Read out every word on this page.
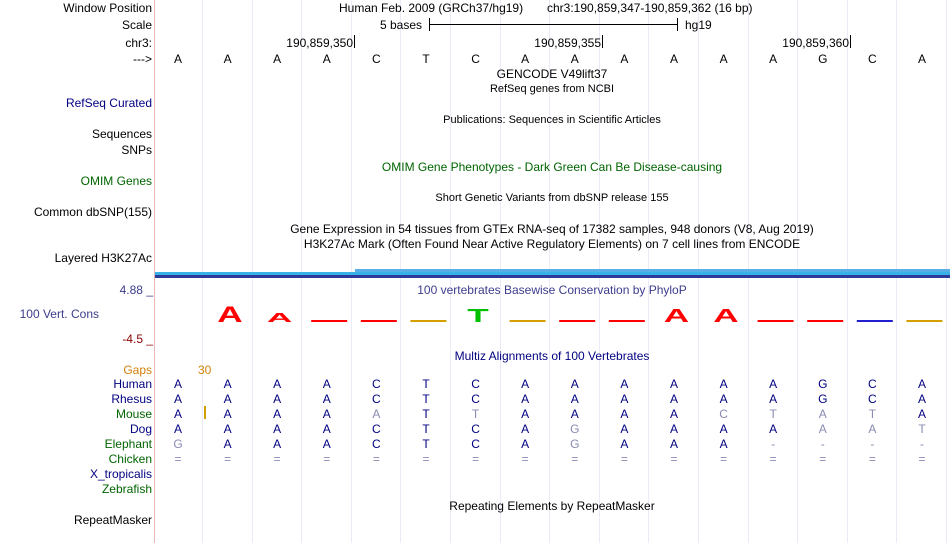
Window Position	Human Feb. 2009 (GRCh37/hg19) chr3:190,859,347-190,859,362 (16 bp)
Scale	5 bases	hg19
chr3:	190,859,350	190,859,355	190,859,360
---> A	A	A	A	C	T	C	A	A	A	A	A	A	G	C	A
GENCODE V49lift37
RefSeq genes from NCBI
RefSeq Curated
Publications: Sequences in Scientific Articles
Sequences
SNPs
OMIM Gene Phenotypes - Dark Green Can Be Disease-causing
OMIM Genes
Short Genetic Variants from dbSNP release 155
Common dbSNP(155)
Gene Expression in 54 tissues from GTEx RNA-seq of 17382 samples, 948 donors (V8, Aug 2019)
H3K27Ac Mark (Often Found Near Active Regulatory Elements) on 7 cell lines from ENCODE
Layered H3K27Ac
4.88 _	100 vertebrates Basewise Conservation by PhyloP
100 Vert. Cons
-4.5 _
A A	T	A A
Multiz Alignments of 100 Vertebrates
Gaps	30
Human A	A	A	A	C	T	C	A	A	A	A	A	A	G	C	A
Rhesus A	A	A	A	C	T	C	A	A	A	A	A	A	G	C	A
Mouse A	A	A	A	A	T	T	A	A	A	A	C	T	A	T	A
Dog A	A	A	A	C	T	C	A	G	A	A	A	A	A	A	T
Elephant G	A	A	A	C	T	C	A	G	A	A	A	-	-	-	-
Chicken =	=	=	=	=	=	=	=	=	=	=	=	=	=	=	=
X_tropicalis
Zebrafish
Repeating Elements by RepeatMasker
RepeatMasker
